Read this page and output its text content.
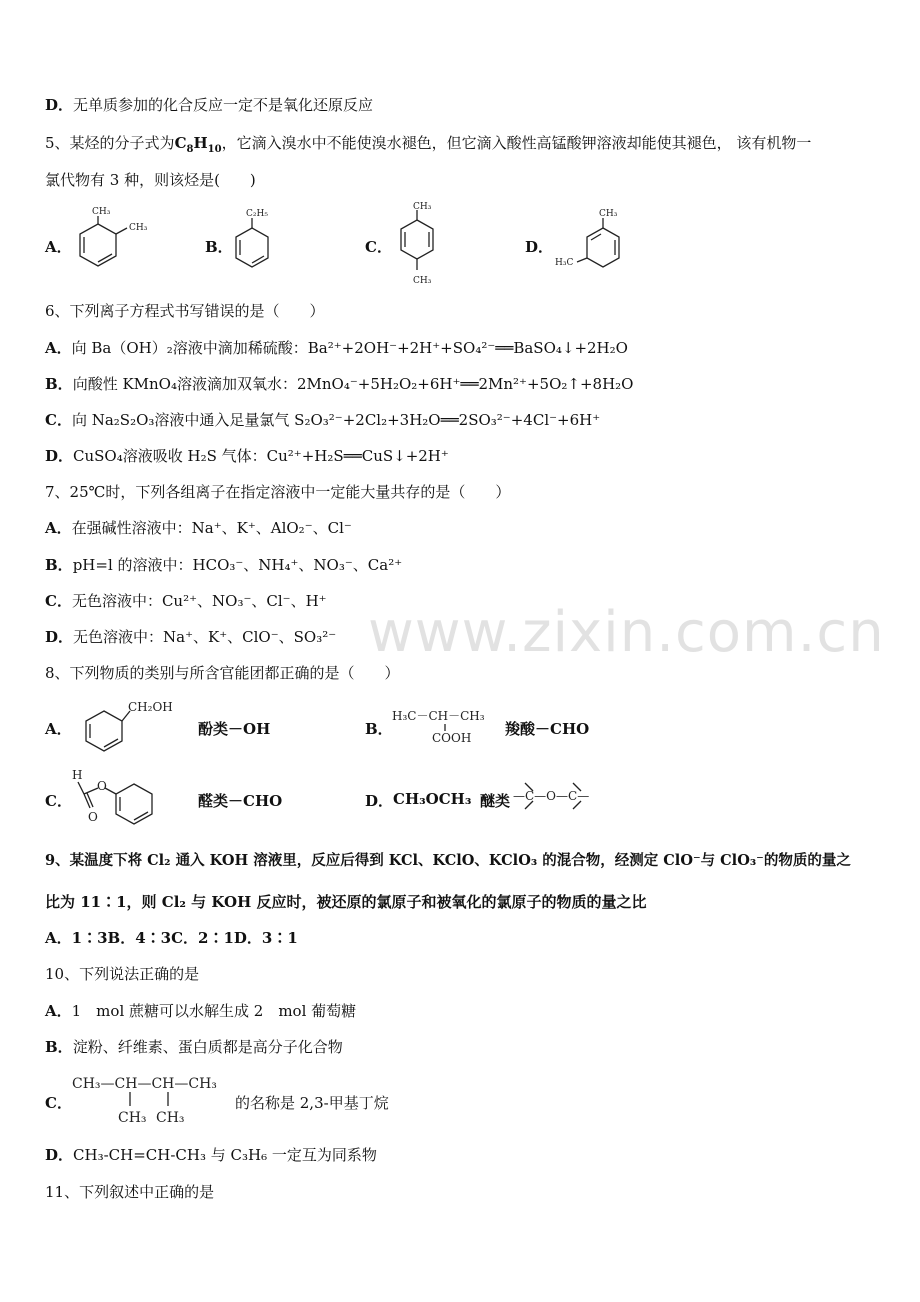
D．无单质参加的化合反应一定不是氧化还原反应
5、某烃的分子式为$C_8H_{10}$，它滴入溴水中不能使溴水褪色，但它滴入酸性高锰酸钾溶液却能使其褪色， 该有机物一
氯代物有 3 种，则该烃是(　　)
A．
CH₃
CH₃
B．
C₂H₅
C．
CH₃
CH₃
D．
CH₃
H₃C
6、下列离子方程式书写错误的是（　　）
A．向 Ba（OH）₂溶液中滴加稀硫酸：Ba²⁺+2OH⁻+2H⁺+SO₄²⁻══BaSO₄↓+2H₂O
B．向酸性 KMnO₄溶液滴加双氧水：2MnO₄⁻+5H₂O₂+6H⁺══2Mn²⁺+5O₂↑+8H₂O
C．向 Na₂S₂O₃溶液中通入足量氯气 S₂O₃²⁻+2Cl₂+3H₂O══2SO₃²⁻+4Cl⁻+6H⁺
D．CuSO₄溶液吸收 H₂S 气体：Cu²⁺+H₂S══CuS↓+2H⁺
7、25℃时，下列各组离子在指定溶液中一定能大量共存的是（　　）
A．在强碱性溶液中：Na⁺、K⁺、AlO₂⁻、Cl⁻
B．pH=l 的溶液中：HCO₃⁻、NH₄⁺、NO₃⁻、Ca²⁺
C．无色溶液中：Cu²⁺、NO₃⁻、Cl⁻、H⁺
D．无色溶液中：Na⁺、K⁺、ClO⁻、SO₃²⁻ www.zixin.com.cn
8、下列物质的类别与所含官能团都正确的是（　　）
A．
CH₂OH
酚类－OH	B．
H₃C－CH－CH₃
COOH 羧酸－CHO
C．
H
O
O
醛类－CHO	D． CH₃OCH₃ 醚类 —C—O—C—
9、某温度下将 Cl₂ 通入 KOH 溶液里，反应后得到 KCl、KClO、KClO₃ 的混合物，经测定 ClO⁻与 ClO₃⁻的物质的量之
比为 11∶1，则 Cl₂ 与 KOH 反应时，被还原的氯原子和被氧化的氯原子的物质的量之比
A．1∶3B．4∶3C．2∶1D．3∶1
10、下列说法正确的是
A．1　mol 蔗糖可以水解生成 2　mol 葡萄糖
B．淀粉、纤维素、蛋白质都是高分子化合物
C．
CH₃—CH—CH—CH₃
CH₃ CH₃
的名称是 2,3-甲基丁烷
D．CH₃-CH=CH-CH₃ 与 C₃H₆ 一定互为同系物
11、下列叙述中正确的是
